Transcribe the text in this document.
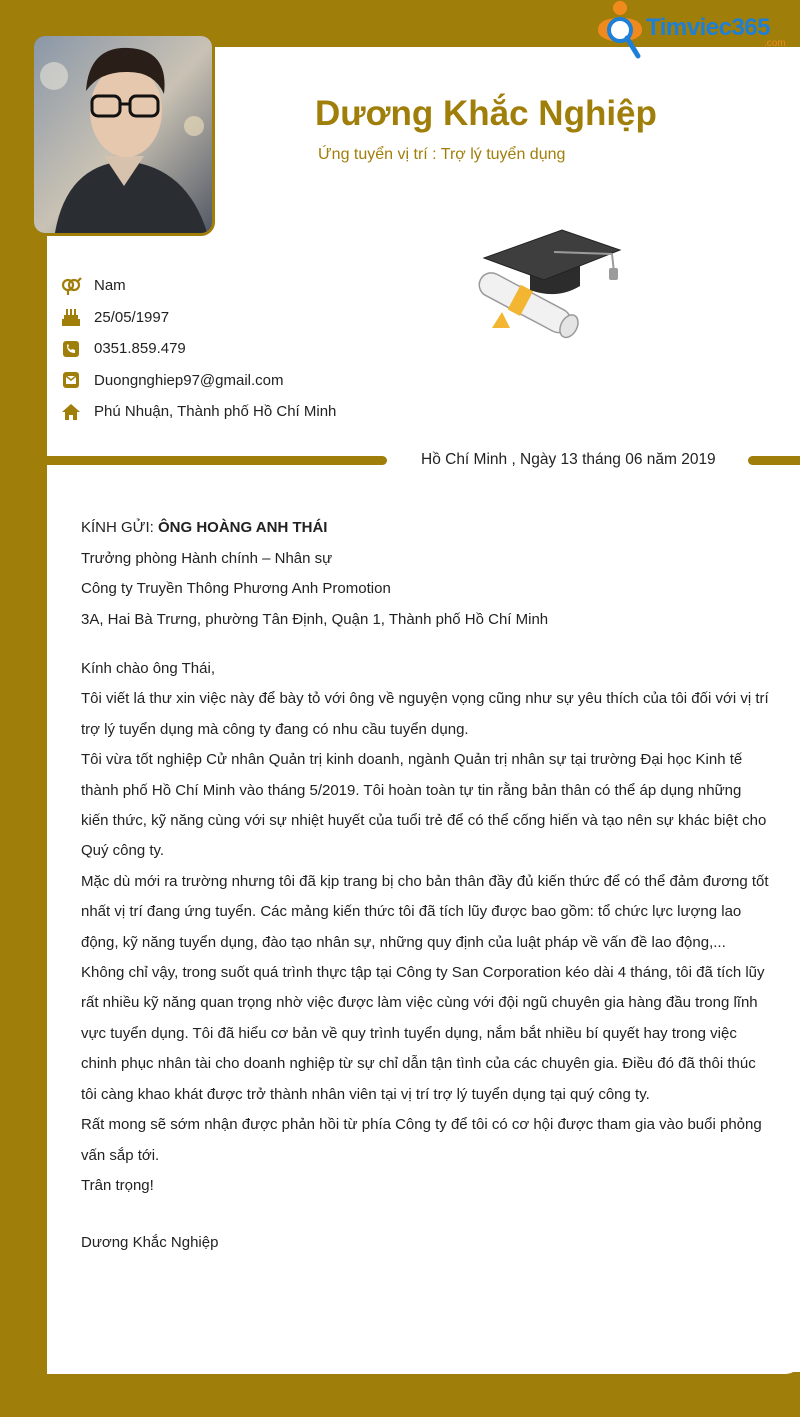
Timviec365
.com
Dương Khắc Nghiệp
Ứng tuyển vị trí : Trợ lý tuyển dụng
Nam
25/05/1997
0351.859.479
Duongnghiep97@gmail.com
Phú Nhuận, Thành phố Hồ Chí Minh
Hồ Chí Minh , Ngày 13 tháng 06 năm 2019
KÍNH GỬI: ÔNG HOÀNG ANH THÁI
Trưởng phòng Hành chính – Nhân sự
Công ty Truyền Thông Phương Anh Promotion
3A, Hai Bà Trưng, phường Tân Định, Quận 1, Thành phố Hồ Chí Minh

Kính chào ông Thái,

Tôi viết lá thư xin việc này để bày tỏ với ông về nguyện vọng cũng như sự yêu thích của tôi đối với vị trí trợ lý tuyển dụng mà công ty đang có nhu cầu tuyển dụng.

Tôi vừa tốt nghiệp Cử nhân Quản trị kinh doanh, ngành Quản trị nhân sự tại trường Đại học Kinh tế thành phố Hồ Chí Minh vào tháng 5/2019. Tôi hoàn toàn tự tin rằng bản thân có thể áp dụng những kiến thức, kỹ năng cùng với sự nhiệt huyết của tuổi trẻ để có thể cống hiến và tạo nên sự khác biệt cho Quý công ty.

Mặc dù mới ra trường nhưng tôi đã kịp trang bị cho bản thân đầy đủ kiến thức để có thể đảm đương tốt nhất vị trí đang ứng tuyển. Các mảng kiến thức tôi đã tích lũy được bao gồm: tổ chức lực lượng lao động, kỹ năng tuyển dụng, đào tạo nhân sự, những quy định của luật pháp về vấn đề lao động,...

Không chỉ vậy, trong suốt quá trình thực tập tại Công ty San Corporation kéo dài 4 tháng, tôi đã tích lũy rất nhiều kỹ năng quan trọng nhờ việc được làm việc cùng với đội ngũ chuyên gia hàng đầu trong lĩnh vực tuyển dụng. Tôi đã hiểu cơ bản về quy trình tuyển dụng, nắm bắt nhiều bí quyết hay trong việc chinh phục nhân tài cho doanh nghiệp từ sự chỉ dẫn tận tình của các chuyên gia. Điều đó đã thôi thúc tôi càng khao khát được trở thành nhân viên tại vị trí trợ lý tuyển dụng tại quý công ty.

Rất mong sẽ sớm nhận được phản hồi từ phía Công ty để tôi có cơ hội được tham gia vào buổi phỏng vấn sắp tới.

Trân trọng!

Dương Khắc Nghiệp
